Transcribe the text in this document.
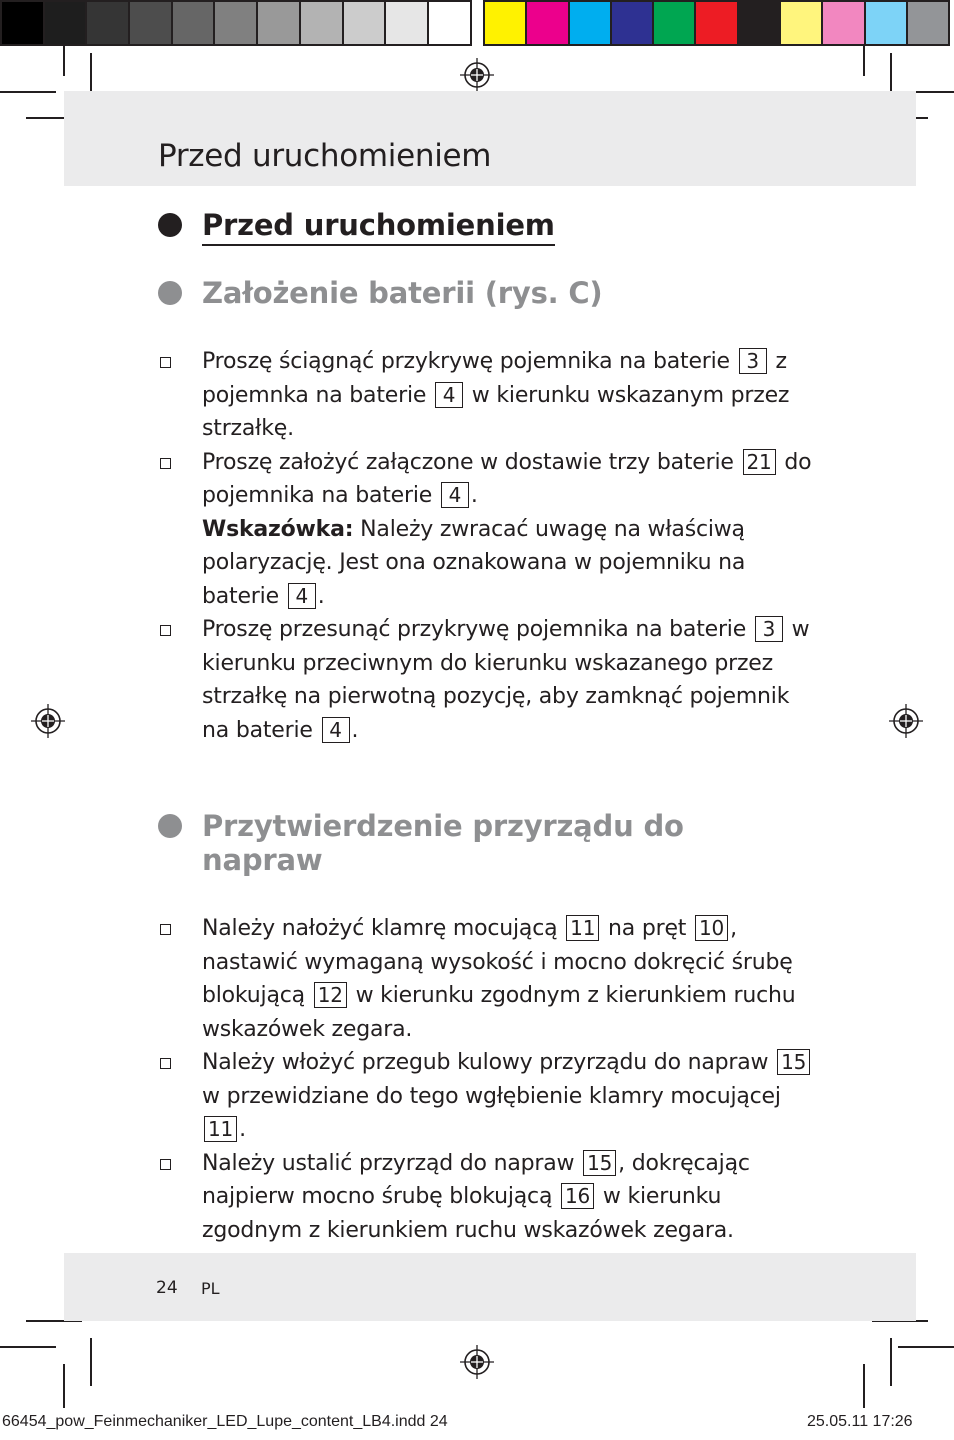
Przed uruchomieniem
Przed uruchomieniem
Założenie baterii (rys. C)
Proszę ściągnąć przykrywę pojemnika na baterie 3 z pojemnka na baterie 4 w kierunku wskazanym przez strzałkę.
Proszę założyć załączone w dostawie trzy baterie 21 do pojemnika na baterie 4 .
Wskazówka: Należy zwracać uwagę na właściwą polaryzację. Jest ona oznakowana w pojemniku na baterie 4 .
Proszę przesunąć przykrywę pojemnika na baterie 3 w kierunku przeciwnym do kierunku wskazanego przez strzałkę na pierwotną pozycję, aby zamknąć pojemnik na baterie 4 .
Przytwierdzenie przyrządu do napraw
Należy nałożyć klamrę mocującą 11 na pręt 10 , nastawić wymaganą wysokość i mocno dokręcić śrubę blokującą 12 w kierunku zgodnym z kierunkiem ruchu wskazówek zegara.
Należy włożyć przegub kulowy przyrządu do napraw 15 w przewidziane do tego wgłębienie klamry mocującej 11 .
Należy ustalić przyrząd do napraw 15 , dokręcając najpierw mocno śrubę blokującą 16 w kierunku zgodnym z kierunkiem ruchu wskazówek zegara.
24 PL
66454_pow_Feinmechaniker_LED_Lupe_content_LB4.indd 24	25.05.11 17:26
